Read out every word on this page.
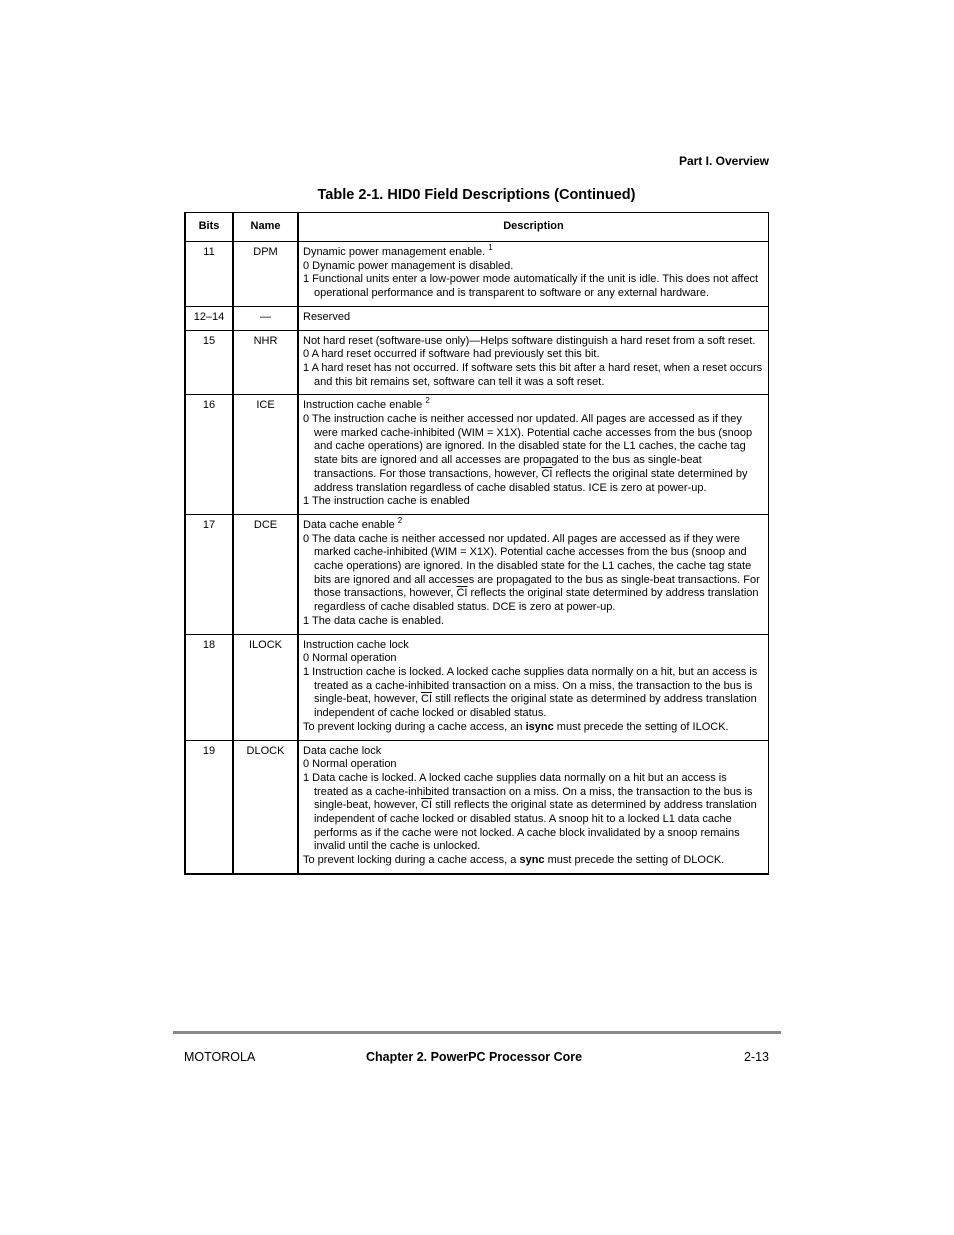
Part I. Overview
Table 2-1. HID0 Field Descriptions (Continued)
Bits	Name	Description
11	DPM	Dynamic power management enable. $^1$
0 Dynamic power management is disabled.
1 Functional units enter a low-power mode automatically if the unit is idle. This does not affect operational performance and is transparent to software or any external hardware.

12–14	—	Reserved
15	NHR	Not hard reset (software-use only)—Helps software distinguish a hard reset from a soft reset.
0 A hard reset occurred if software had previously set this bit.
1 A hard reset has not occurred. If software sets this bit after a hard reset, when a reset occurs and this bit remains set, software can tell it was a soft reset.

16	ICE	Instruction cache enable $^2$
0 The instruction cache is neither accessed nor updated. All pages are accessed as if they were marked cache-inhibited (WIM = X1X). Potential cache accesses from the bus (snoop and cache operations) are ignored. In the disabled state for the L1 caches, the cache tag state bits are ignored and all accesses are propagated to the bus as single-beat transactions. For those transactions, however, $\overline{CI}$ reflects the original state determined by address translation regardless of cache disabled status. ICE is zero at power-up.
1 The instruction cache is enabled

17	DCE	Data cache enable $^2$
0 The data cache is neither accessed nor updated. All pages are accessed as if they were marked cache-inhibited (WIM = X1X). Potential cache accesses from the bus (snoop and cache operations) are ignored. In the disabled state for the L1 caches, the cache tag state bits are ignored and all accesses are propagated to the bus as single-beat transactions. For those transactions, however, $\overline{CI}$ reflects the original state determined by address translation regardless of cache disabled status. DCE is zero at power-up.
1 The data cache is enabled.

18	ILOCK	Instruction cache lock
0 Normal operation
1 Instruction cache is locked. A locked cache supplies data normally on a hit, but an access is treated as a cache-inhibited transaction on a miss. On a miss, the transaction to the bus is single-beat, however, $\overline{CI}$ still reflects the original state as determined by address translation independent of cache locked or disabled status.
To prevent locking during a cache access, an isync must precede the setting of ILOCK.

19	DLOCK	Data cache lock
0 Normal operation
1 Data cache is locked. A locked cache supplies data normally on a hit but an access is treated as a cache-inhibited transaction on a miss. On a miss, the transaction to the bus is single-beat, however, $\overline{CI}$ still reflects the original state as determined by address translation independent of cache locked or disabled status. A snoop hit to a locked L1 data cache performs as if the cache were not locked. A cache block invalidated by a snoop remains invalid until the cache is unlocked.
To prevent locking during a cache access, a sync must precede the setting of DLOCK.
MOTOROLA	Chapter 2. PowerPC Processor Core	2-13
